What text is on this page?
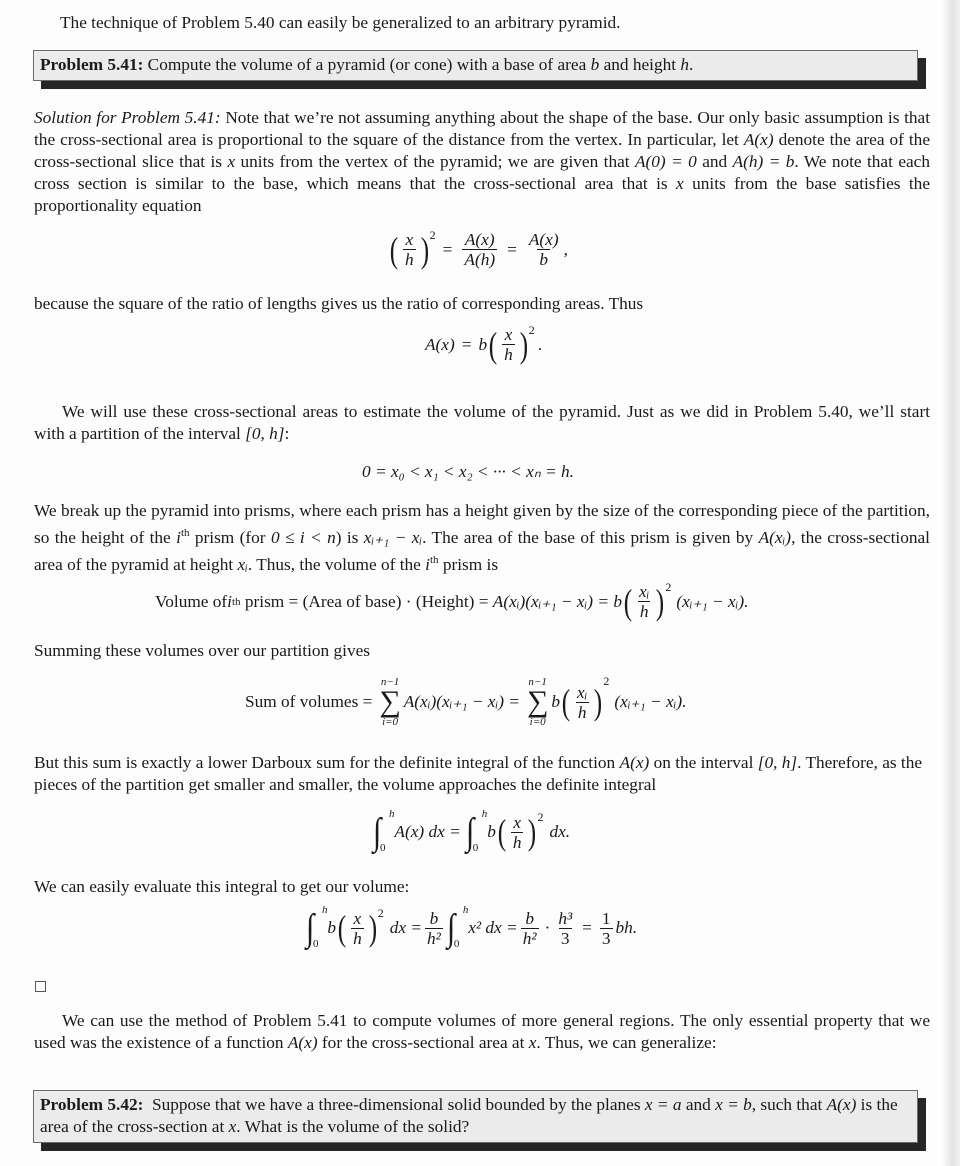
The technique of Problem 5.40 can easily be generalized to an arbitrary pyramid.
Problem 5.41: Compute the volume of a pyramid (or cone) with a base of area b and height h.
Solution for Problem 5.41: Note that we’re not assuming anything about the shape of the base. Our only basic assumption is that the cross-sectional area is proportional to the square of the distance from the vertex. In particular, let A(x) denote the area of the cross-sectional slice that is x units from the vertex of the pyramid; we are given that A(0) = 0 and A(h) = b. We note that each cross section is similar to the base, which means that the cross-sectional area that is x units from the base satisfies the proportionality equation
( $\frac{x}{h}$ ) 2
= $\frac{A(x)}{A(h)} = \frac{A(x)}{b}$ ,
because the square of the ratio of lengths gives us the ratio of corresponding areas. Thus
A(x) = b ( $\frac{x}{h}$ ) 2
.
We will use these cross-sectional areas to estimate the volume of the pyramid. Just as we did in Problem 5.40, we’ll start with a partition of the interval [0, h]:
0 = x₀ < x₁ < x₂ < ··· < xₙ = h.
We break up the pyramid into prisms, where each prism has a height given by the size of the corresponding piece of the partition, so the height of the $i^{th}$ prism (for 0 ≤ i < n) is xᵢ₊₁ − xᵢ. The area of the base of this prism is given by A(xᵢ), the cross-sectional area of the pyramid at height xᵢ. Thus, the volume of the $i^{th}$ prism is
Volume of i th prism = (Area of base) · (Height) = A(xᵢ)(xᵢ₊₁ − xᵢ) = b ( $\frac{\text{xᵢ}}{h}$ ) 2
(xᵢ₊₁ − xᵢ).
Summing these volumes over our partition gives
Sum of volumes =
n−1
∑
i=0
A(xᵢ)(xᵢ₊₁ − xᵢ) =
n−1
∑
i=0
b ( $\frac{\text{xᵢ}}{h}$ )
2
(xᵢ₊₁ − xᵢ).
But this sum is exactly a lower Darboux sum for the definite integral of the function A(x) on the interval [0, h]. Therefore, as the pieces of the partition get smaller and smaller, the volume approaches the definite integral
∫ h
0
A(x) dx = ∫ h
0
b ( $\frac{x}{h}$ ) 2
dx.
We can easily evaluate this integral to get our volume:
∫ h
0
b ( $\frac{x}{h}$ ) 2
dx = $\frac{b}{\text{h²}}$ ∫ h
0
x² dx = $\frac{b}{\text{h²}} \cdot \frac{\text{h³}}{3} = \frac{1}{3}$ bh.
We can use the method of Problem 5.41 to compute volumes of more general regions. The only essential property that we used was the existence of a function A(x) for the cross-sectional area at x. Thus, we can generalize:
Problem 5.42:  Suppose that we have a three-dimensional solid bounded by the planes x = a and x = b, such that A(x) is the area of the cross-section at x. What is the volume of the solid?
